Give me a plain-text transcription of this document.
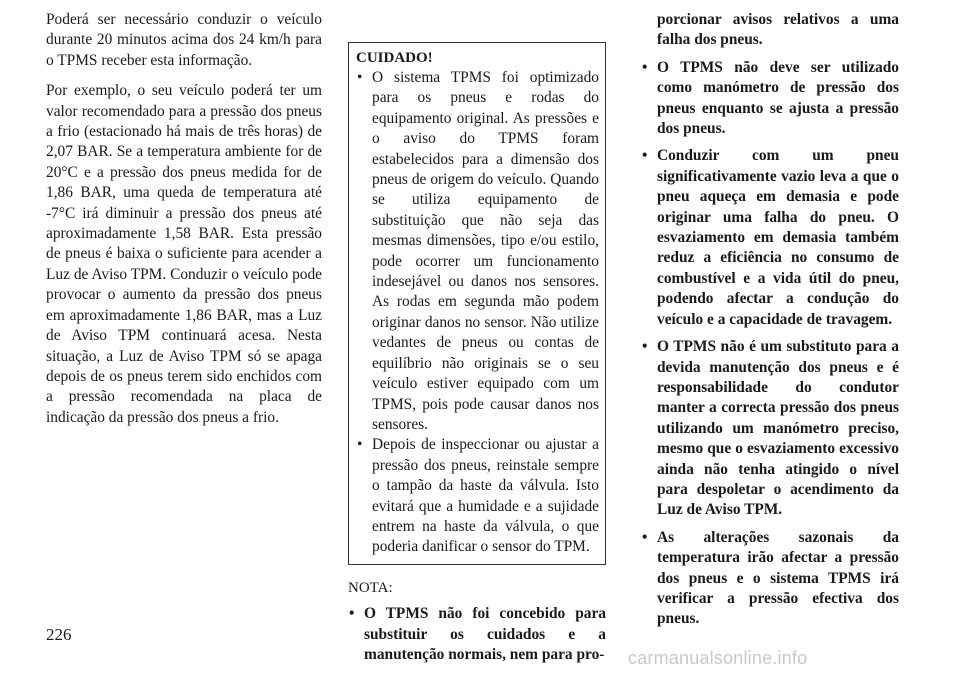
Poderá ser necessário conduzir o veículo durante 20 minutos acima dos 24 km/h para o TPMS receber esta informação.

Por exemplo, o seu veículo poderá ter um valor recomendado para a pressão dos pneus a frio (estacionado há mais de três horas) de 2,07 BAR. Se a temperatura ambiente for de 20°C e a pressão dos pneus medida for de 1,86 BAR, uma queda de temperatura até -7°C irá diminuir a pressão dos pneus até aproximadamente 1,58 BAR. Esta pressão de pneus é baixa o suficiente para acender a Luz de Aviso TPM. Conduzir o veículo pode provocar o aumento da pressão dos pneus em aproximadamente 1,86 BAR, mas a Luz de Aviso TPM continuará acesa. Nesta situação, a Luz de Aviso TPM só se apaga depois de os pneus terem sido enchidos com a pressão recomendada na placa de indicação da pressão dos pneus a frio.

CUIDADO!
• O sistema TPMS foi optimizado para os pneus e rodas do equipamento original. As pressões e o aviso do TPMS foram estabelecidos para a dimensão dos pneus de origem do veículo. Quando se utiliza equipamento de substituição que não seja das mesmas dimensões, tipo e/ou estilo, pode ocorrer um funcionamento indesejável ou danos nos sensores. As rodas em segunda mão podem originar danos no sensor. Não utilize vedantes de pneus ou contas de equilíbrio não originais se o seu veículo estiver equipado com um TPMS, pois pode causar danos nos sensores.
• Depois de inspeccionar ou ajustar a pressão dos pneus, reinstale sempre o tampão da haste da válvula. Isto evitará que a humidade e a sujidade entrem na haste da válvula, o que poderia danificar o sensor do TPM.
NOTA:
• O TPMS não foi concebido para substituir os cuidados e a manutenção normais, nem para pro-
porcionar avisos relativos a uma falha dos pneus.
• O TPMS não deve ser utilizado como manómetro de pressão dos pneus enquanto se ajusta a pressão dos pneus.
• Conduzir com um pneu significativamente vazio leva a que o pneu aqueça em demasia e pode originar uma falha do pneu. O esvaziamento em demasia também reduz a eficiência no consumo de combustível e a vida útil do pneu, podendo afectar a condução do veículo e a capacidade de travagem.
• O TPMS não é um substituto para a devida manutenção dos pneus e é responsabilidade do condutor manter a correcta pressão dos pneus utilizando um manómetro preciso, mesmo que o esvaziamento excessivo ainda não tenha atingido o nível para despoletar o acendimento da Luz de Aviso TPM.
• As alterações sazonais da temperatura irão afectar a pressão dos pneus e o sistema TPMS irá verificar a pressão efectiva dos pneus.
226
carmanualsonline.info
